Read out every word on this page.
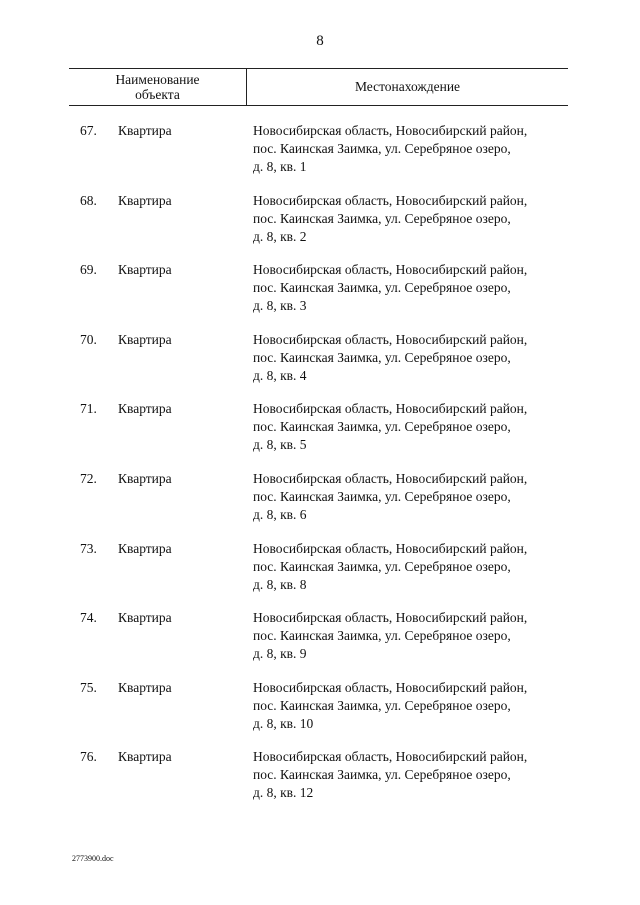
8
Наименование
объекта
Местонахождение
67. Квартира	Новосибирская область, Новосибирский район,
пос. Каинская Заимка, ул. Серебряное озеро,
д. 8, кв. 1
68. Квартира	Новосибирская область, Новосибирский район,
пос. Каинская Заимка, ул. Серебряное озеро,
д. 8, кв. 2
69. Квартира	Новосибирская область, Новосибирский район,
пос. Каинская Заимка, ул. Серебряное озеро,
д. 8, кв. 3
70. Квартира	Новосибирская область, Новосибирский район,
пос. Каинская Заимка, ул. Серебряное озеро,
д. 8, кв. 4
71. Квартира	Новосибирская область, Новосибирский район,
пос. Каинская Заимка, ул. Серебряное озеро,
д. 8, кв. 5
72. Квартира	Новосибирская область, Новосибирский район,
пос. Каинская Заимка, ул. Серебряное озеро,
д. 8, кв. 6
73. Квартира	Новосибирская область, Новосибирский район,
пос. Каинская Заимка, ул. Серебряное озеро,
д. 8, кв. 8
74. Квартира	Новосибирская область, Новосибирский район,
пос. Каинская Заимка, ул. Серебряное озеро,
д. 8, кв. 9
75. Квартира	Новосибирская область, Новосибирский район,
пос. Каинская Заимка, ул. Серебряное озеро,
д. 8, кв. 10
76. Квартира	Новосибирская область, Новосибирский район,
пос. Каинская Заимка, ул. Серебряное озеро,
д. 8, кв. 12
2773900.doc
